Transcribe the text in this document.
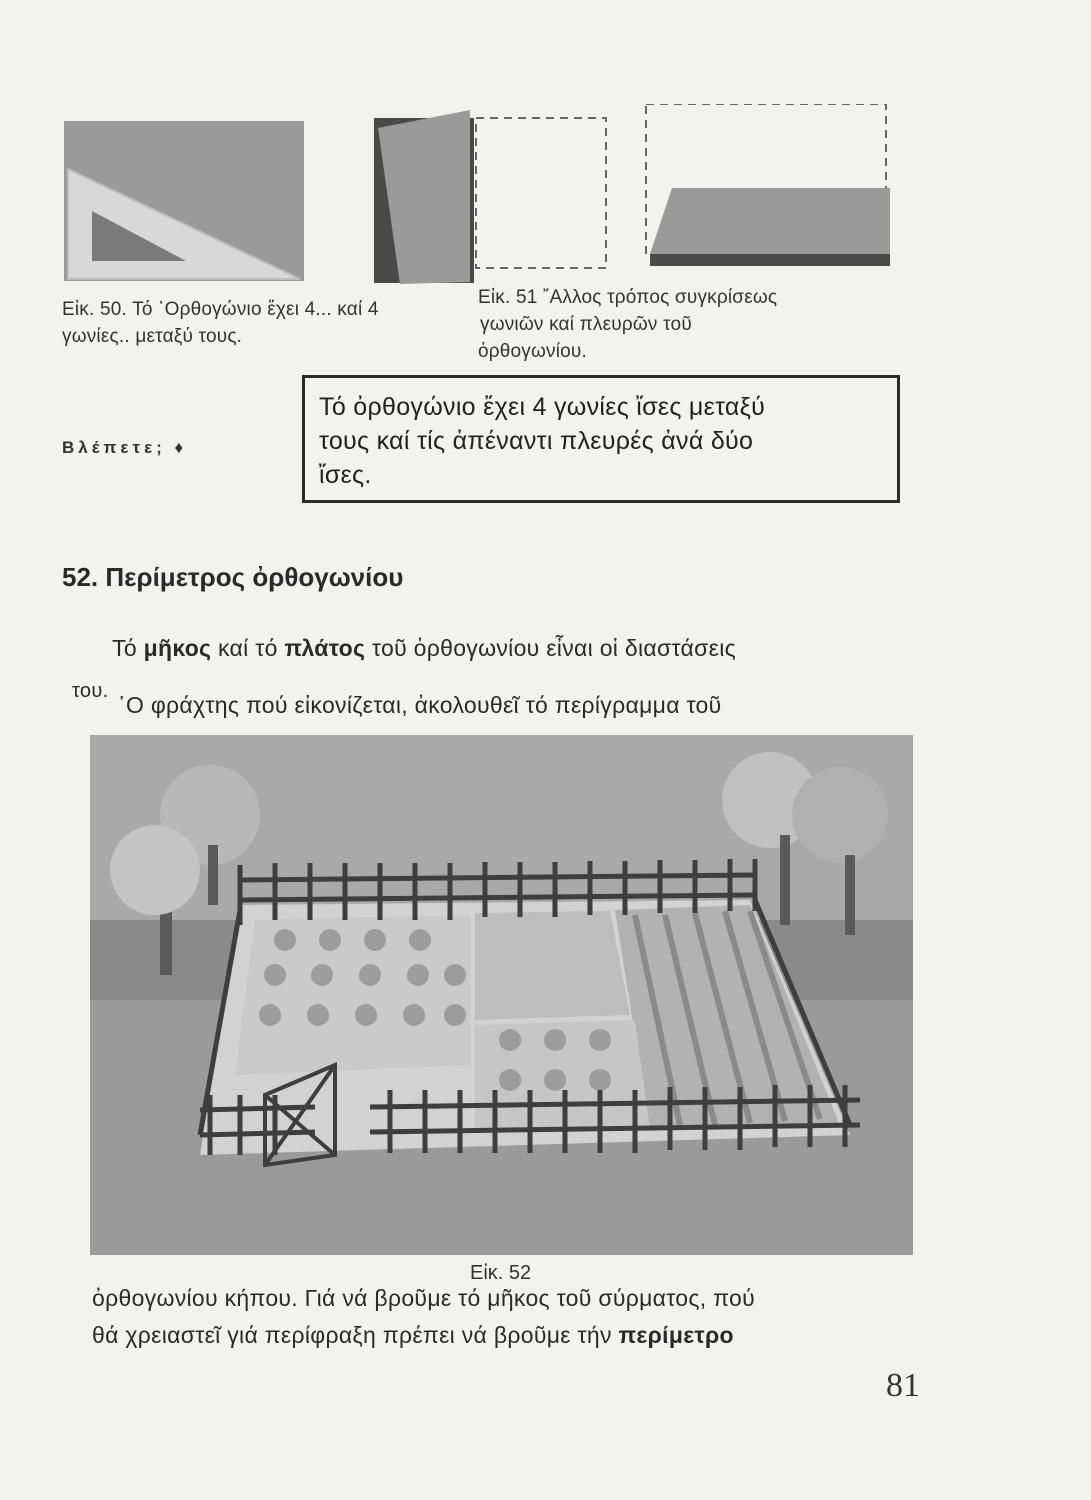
Εἰκ. 50. Τό ῾Ορθογώνιο ἔχει 4... καί 4 γωνίες.. μεταξύ τους.
Εἰκ. 51 ῎Αλλος τρόπος συγκρίσεως
γωνιῶν καί πλευρῶν τοῦ
ὀρθογωνίου.
Βλέπετε; ♦
Τό ὀρθογώνιο ἔχει 4 γωνίες ἴσες μεταξύ
τους καί τίς ἀπέναντι πλευρές ἀνά δύο
ἴσες.
52. Περίμετρος ὀρθογωνίου
Τό μῆκος καί τό πλάτος τοῦ ὀρθογωνίου εἶναι οἱ διαστάσεις
του.
῾Ο φράχτης πού εἰκονίζεται, ἀκολουθεῖ τό περίγραμμα τοῦ
Εἰκ. 52
ὀρθογωνίου κήπου. Γιά νά βροῦμε τό μῆκος τοῦ σύρματος, πού
θά χρειαστεῖ γιά περίφραξη πρέπει νά βροῦμε τήν περίμετρο
81
